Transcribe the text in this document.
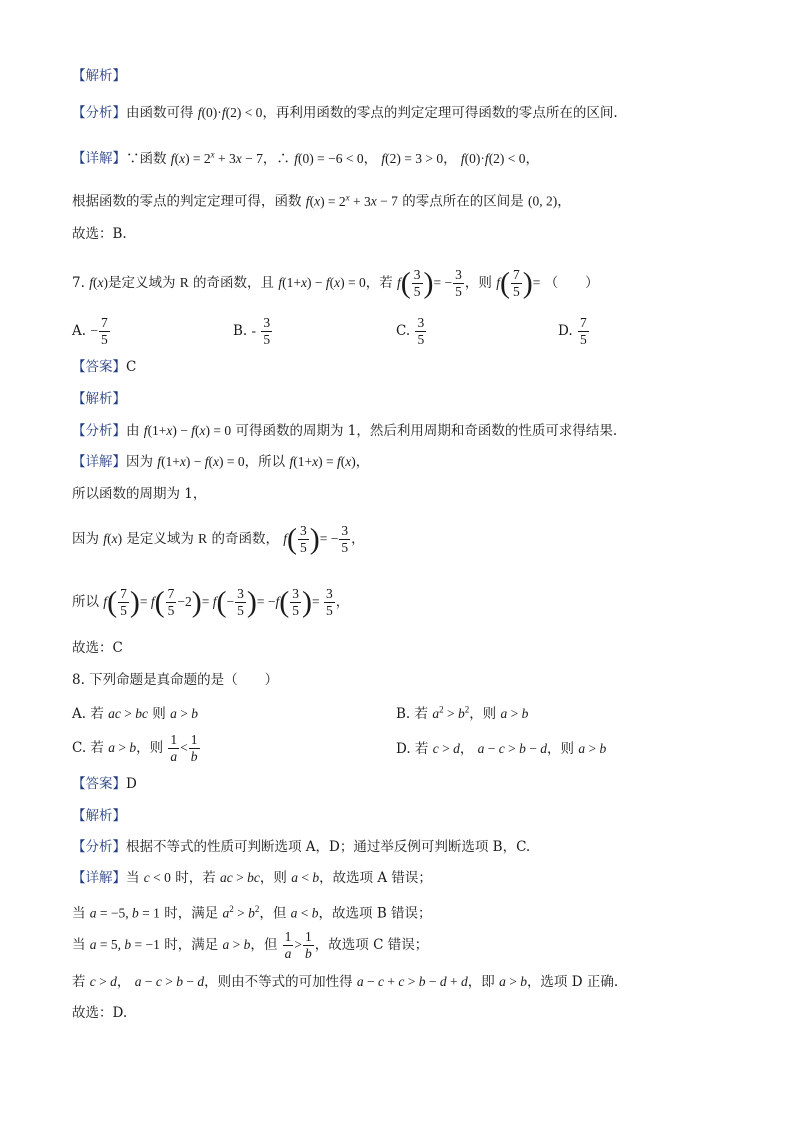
【解析】
【分析】由函数可得 f(0)·f(2) < 0，再利用函数的零点的判定定理可得函数的零点所在的区间.
【详解】∵函数 $f(x) = 2^x + 3x - 7$，∴ f(0) = −6 < 0， f(2) = 3 > 0， f(0)·f(2) < 0，
根据函数的零点的判定定理可得，函数 $f(x) = 2^x + 3x - 7$ 的零点所在的区间是 (0, 2)，
故选：B.
7. f(x)是定义域为 R 的奇函数，且 f(1+x) − f(x) = 0，若 $f( \frac{3}{5}$ )= − $\frac{3}{5}$ ，则 $f( \frac{7}{5}$ )= （　　）
A. − $\frac{7}{5}$	B. - $\frac{3}{5}$	C. $\frac{3}{5}$	D. $\frac{7}{5}$
【答案】C
【解析】
【分析】由 f(1+x) − f(x) = 0 可得函数的周期为 1，然后利用周期和奇函数的性质可求得结果.
【详解】因为 f(1+x) − f(x) = 0，所以 f(1+x) = f(x)，
所以函数的周期为 1，
因为 f(x) 是定义域为 R 的奇函数， $f( \frac{3}{5}$ )= − $\frac{3}{5}$ ，
所以 $f( \frac{7}{5}$ )= $f( \frac{7}{5} -2)= f(- \frac{3}{5}$ )= $-f( \frac{3}{5}$ )= $\frac{3}{5}$ ，
故选：C
8. 下列命题是真命题的是（　　）
A. 若 ac > bc 则 a > b	B. 若 $a^2 > b^2$，则 a > b
C. 若 a > b，则 $\frac{1}{a} < \frac{1}{b}$	D. 若 c > d， a − c > b − d，则 a > b
【答案】D
【解析】
【分析】根据不等式的性质可判断选项 A，D；通过举反例可判断选项 B，C.
【详解】当 c < 0 时，若 ac > bc，则 a < b，故选项 A 错误；
当 a = −5, b = 1 时，满足 $a^2 > b^2$，但 a < b，故选项 B 错误；
当 a = 5, b = −1 时，满足 a > b，但 $\frac{1}{a} > \frac{1}{b}$ ，故选项 C 错误；
若 c > d， a − c > b − d，则由不等式的可加性得 a − c + c > b − d + d，即 a > b，选项 D 正确.
故选：D.
